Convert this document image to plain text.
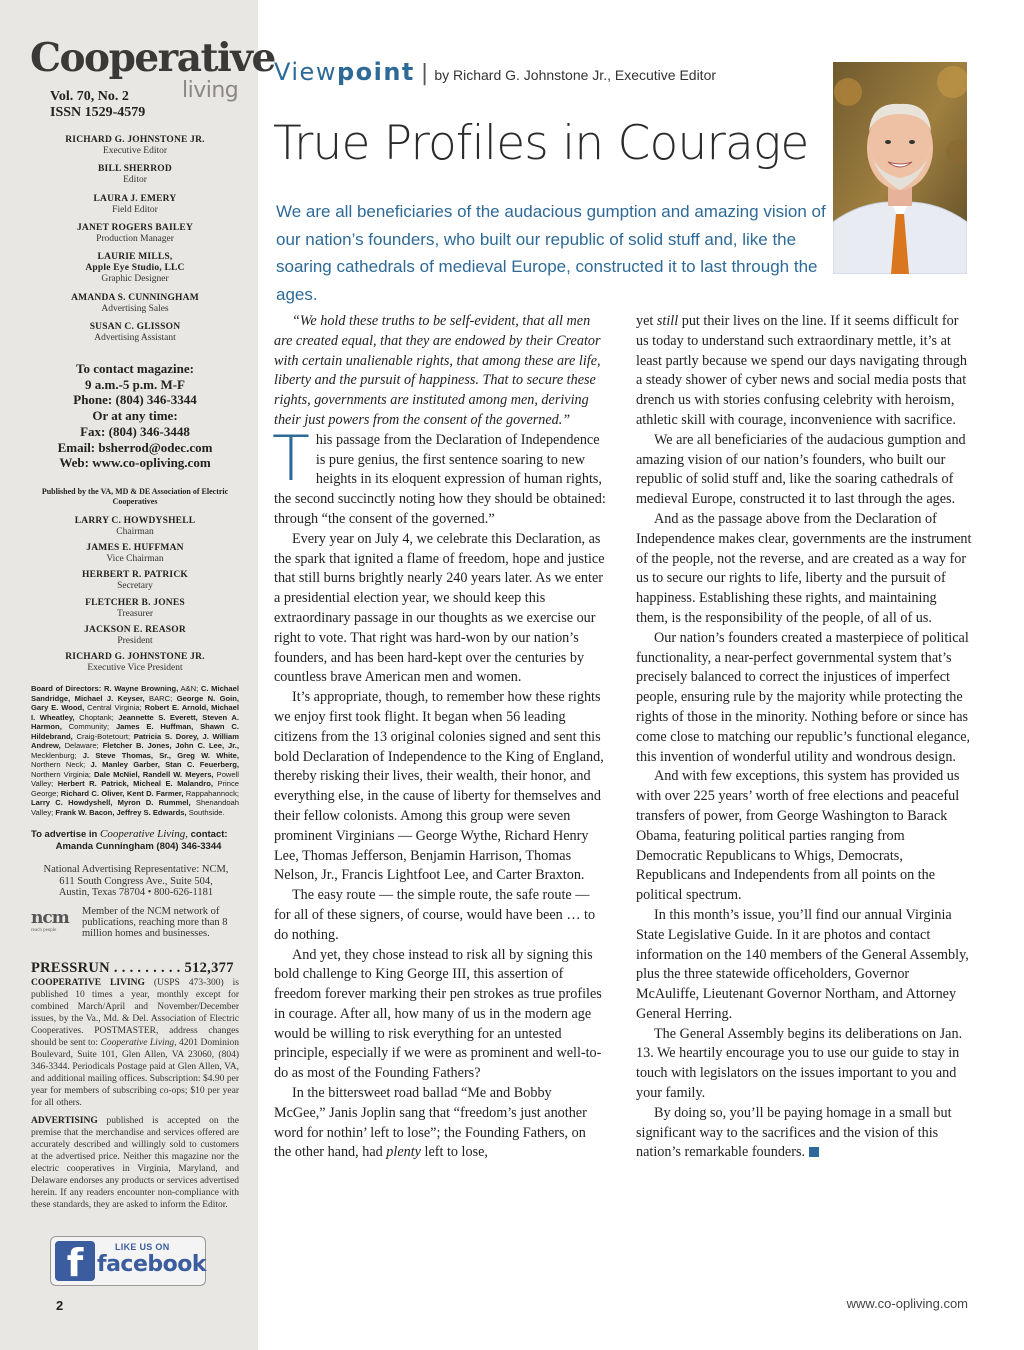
Cooperative
living
Vol. 70, No. 2
ISSN 1529-4579
RICHARD G. JOHNSTONE JR.
Executive Editor
BILL SHERROD
Editor
LAURA J. EMERY
Field Editor
JANET ROGERS BAILEY
Production Manager
LAURIE MILLS,
Apple Eye Studio, LLC
Graphic Designer
AMANDA S. CUNNINGHAM
Advertising Sales
SUSAN C. GLISSON
Advertising Assistant
To contact magazine:
9 a.m.-5 p.m. M-F
Phone: (804) 346-3344
Or at any time:
Fax: (804) 346-3448
Email: bsherrod@odec.com
Web: www.co-opliving.com
Published by the VA, MD & DE Association of Electric Cooperatives
LARRY C. HOWDYSHELL
Chairman
JAMES E. HUFFMAN
Vice Chairman
HERBERT R. PATRICK
Secretary
FLETCHER B. JONES
Treasurer
JACKSON E. REASOR
President
RICHARD G. JOHNSTONE JR.
Executive Vice President
Board of Directors: R. Wayne Browning, A&N; C. Michael Sandridge, Michael J. Keyser, BARC; George N. Goin, Gary E. Wood, Central Virginia; Robert E. Arnold, Michael I. Wheatley, Choptank; Jeannette S. Everett, Steven A. Harmon, Community; James E. Huffman, Shawn C. Hildebrand, Craig-Botetourt; Patricia S. Dorey, J. William Andrew, Delaware; Fletcher B. Jones, John C. Lee, Jr., Mecklenburg; J. Steve Thomas, Sr., Greg W. White, Northern Neck; J. Manley Garber, Stan C. Feuerberg, Northern Virginia; Dale McNiel, Randell W. Meyers, Powell Valley; Herbert R. Patrick, Micheal E. Malandro, Prince George; Richard C. Oliver, Kent D. Farmer, Rappahannock; Larry C. Howdyshell, Myron D. Rummel, Shenandoah Valley; Frank W. Bacon, Jeffrey S. Edwards, Southside.
To advertise in Cooperative Living, contact:
Amanda Cunningham (804) 346-3344
National Advertising Representative: NCM,
611 South Congress Ave., Suite 504,
Austin, Texas 78704 • 800-626-1181
ncm
reach people
Member of the NCM network of publications, reaching more than 8 million homes and businesses.
PRESSRUN . . . . . . . . . 512,377
COOPERATIVE LIVING (USPS 473-300) is published 10 times a year, monthly except for combined March/April and November/December issues, by the Va., Md. & Del. Association of Electric Cooperatives. POSTMASTER, address changes should be sent to: Cooperative Living, 4201 Dominion Boulevard, Suite 101, Glen Allen, VA 23060, (804) 346-3344. Periodicals Postage paid at Glen Allen, VA, and additional mailing offices. Subscription: $4.90 per year for members of subscribing co-ops; $10 per year for all others.
ADVERTISING published is accepted on the premise that the merchandise and services offered are accurately described and willingly sold to customers at the advertised price. Neither this magazine nor the electric cooperatives in Virginia, Maryland, and Delaware endorses any products or services advertised herein. If any readers encounter non-compliance with these standards, they are asked to inform the Editor.
f	LIKE US ON
facebook
2
Viewpoint | by Richard G. Johnstone Jr., Executive Editor
True Profiles in Courage
We are all beneficiaries of the audacious gumption and amazing vision of our nation’s founders, who built our republic of solid stuff and, like the soaring cathedrals of medieval Europe, constructed it to last through the ages.

“We hold these truths to be self-evident, that all men are created equal, that they are endowed by their Creator with certain unalienable rights, that among these are life, liberty and the pursuit of happiness. That to secure these rights, governments are instituted among men, deriving their just powers from the consent of the governed.”

T his passage from the Declaration of Independence is pure genius, the first sentence soaring to new heights in its eloquent expression of human rights, the second succinctly noting how they should be obtained: through “the consent of the governed.”

Every year on July 4, we celebrate this Declaration, as the spark that ignited a flame of freedom, hope and justice that still burns brightly nearly 240 years later. As we enter a presidential election year, we should keep this extraordinary passage in our thoughts as we exercise our right to vote. That right was hard-won by our nation’s founders, and has been hard-kept over the centuries by countless brave American men and women.

It’s appropriate, though, to remember how these rights we enjoy first took flight. It began when 56 leading citizens from the 13 original colonies signed and sent this bold Declaration of Independence to the King of England, thereby risking their lives, their wealth, their honor, and everything else, in the cause of liberty for themselves and their fellow colonists. Among this group were seven prominent Virginians — George Wythe, Richard Henry Lee, Thomas Jefferson, Benjamin Harrison, Thomas Nelson, Jr., Francis Lightfoot Lee, and Carter Braxton.

The easy route — the simple route, the safe route — for all of these signers, of course, would have been … to do nothing.

And yet, they chose instead to risk all by signing this bold challenge to King George III, this assertion of freedom forever marking their pen strokes as true profiles in courage. After all, how many of us in the modern age would be willing to risk everything for an untested principle, especially if we were as prominent and well-to-do as most of the Founding Fathers?

In the bittersweet road ballad “Me and Bobby McGee,” Janis Joplin sang that “freedom’s just another word for nothin’ left to lose”; the Founding Fathers, on the other hand, had plenty left to lose,

yet still put their lives on the line. If it seems difficult for us today to understand such extraordinary mettle, it’s at least partly because we spend our days navigating through a steady shower of cyber news and social media posts that drench us with stories confusing celebrity with heroism, athletic skill with courage, inconvenience with sacrifice.

We are all beneficiaries of the audacious gumption and amazing vision of our nation’s founders, who built our republic of solid stuff and, like the soaring cathedrals of medieval Europe, constructed it to last through the ages.

And as the passage above from the Declaration of Independence makes clear, governments are the instrument of the people, not the reverse, and are created as a way for us to secure our rights to life, liberty and the pursuit of happiness. Establishing these rights, and maintaining them, is the responsibility of the people, of all of us.

Our nation’s founders created a masterpiece of political functionality, a near-perfect governmental system that’s precisely balanced to correct the injustices of imperfect people, ensuring rule by the majority while protecting the rights of those in the minority. Nothing before or since has come close to matching our republic’s functional elegance, this invention of wonderful utility and wondrous design.

And with few exceptions, this system has provided us with over 225 years’ worth of free elections and peaceful transfers of power, from George Washington to Barack Obama, featuring political parties ranging from Democratic Republicans to Whigs, Democrats, Republicans and Independents from all points on the political spectrum.

In this month’s issue, you’ll find our annual Virginia State Legislative Guide. In it are photos and contact information on the 140 members of the General Assembly, plus the three statewide officeholders, Governor McAuliffe, Lieutenant Governor Northam, and Attorney General Herring.

The General Assembly begins its deliberations on Jan. 13. We heartily encourage you to use our guide to stay in touch with legislators on the issues important to you and your family.

By doing so, you’ll be paying homage in a small but significant way to the sacrifices and the vision of this nation’s remarkable founders.

www.co-opliving.com
